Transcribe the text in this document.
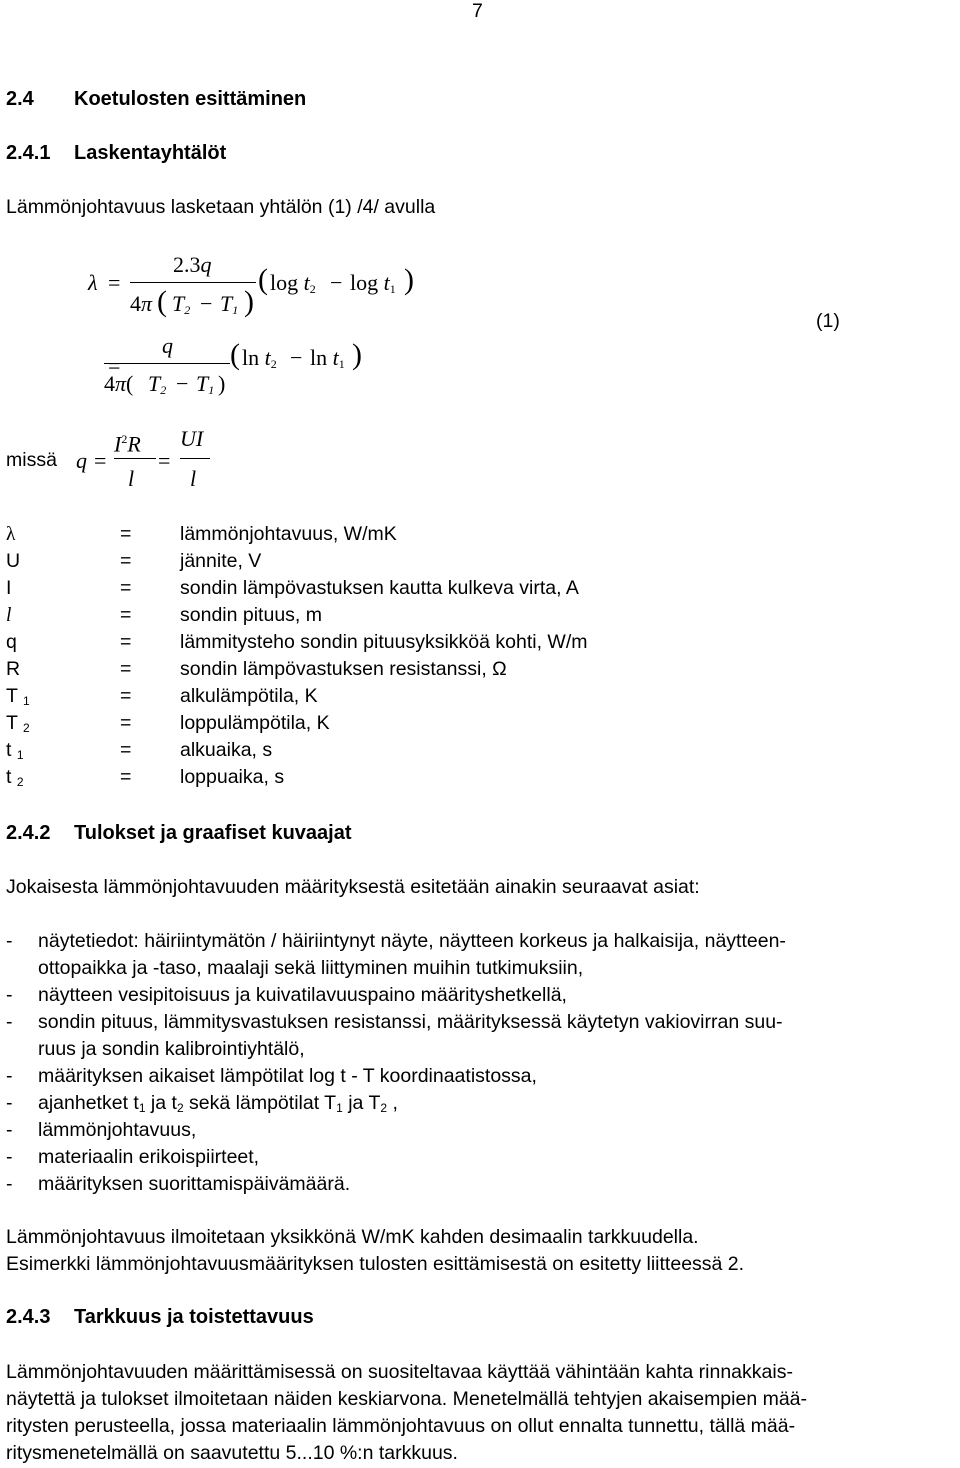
7
2.4 Koetulosten esittäminen
2.4.1 Laskentayhtälöt
Lämmönjohtavuus lasketaan yhtälön (1) /4/ avulla
λ =
2.3q
4π ( $T_2 - T_1$ )
( $\log t_2 - \log t_1$ )
=
q
4π( $T_2 - T_1$ )
( $\ln t_2 - \ln t_1$ )
(1)
missä q =
$I^2R$
l
=
UI
l
λ	= lämmönjohtavuus, W/mK
U	= jännite, V
I	= sondin lämpövastuksen kautta kulkeva virta, A
l	= sondin pituus, m
q	= lämmitysteho sondin pituusyksikköä kohti, W/m
R	= sondin lämpövastuksen resistanssi, Ω
T $_1$	= alkulämpötila, K
T $_2$	= loppulämpötila, K
t $_1$	= alkuaika, s
t $_2$	= loppuaika, s
2.4.2 Tulokset ja graafiset kuvaajat
Jokaisesta lämmönjohtavuuden määrityksestä esitetään ainakin seuraavat asiat:
- näytetiedot: häiriintymätön / häiriintynyt näyte, näytteen korkeus ja halkaisija, näytteen-
ottopaikka ja -taso, maalaji sekä liittyminen muihin tutkimuksiin,
- näytteen vesipitoisuus ja kuivatilavuuspaino määrityshetkellä,
- sondin pituus, lämmitysvastuksen resistanssi, määrityksessä käytetyn vakiovirran suu-
ruus ja sondin kalibrointiyhtälö,
- määrityksen aikaiset lämpötilat log t - T koordinaatistossa,
- ajanhetket $t_1$ ja $t_2$ sekä lämpötilat $T_1$ ja $T_2$ ,
- lämmönjohtavuus,
- materiaalin erikoispiirteet,
- määrityksen suorittamispäivämäärä.
Lämmönjohtavuus ilmoitetaan yksikkönä W/mK kahden desimaalin tarkkuudella.
Esimerkki lämmönjohtavuusmäärityksen tulosten esittämisestä on esitetty liitteessä 2.
2.4.3 Tarkkuus ja toistettavuus
Lämmönjohtavuuden määrittämisessä on suositeltavaa käyttää vähintään kahta rinnakkais-
näytettä ja tulokset ilmoitetaan näiden keskiarvona. Menetelmällä tehtyjen akaisempien mää-
ritysten perusteella, jossa materiaalin lämmönjohtavuus on ollut ennalta tunnettu, tällä mää-
ritysmenetelmällä on saavutettu 5...10 %:n tarkkuus.
